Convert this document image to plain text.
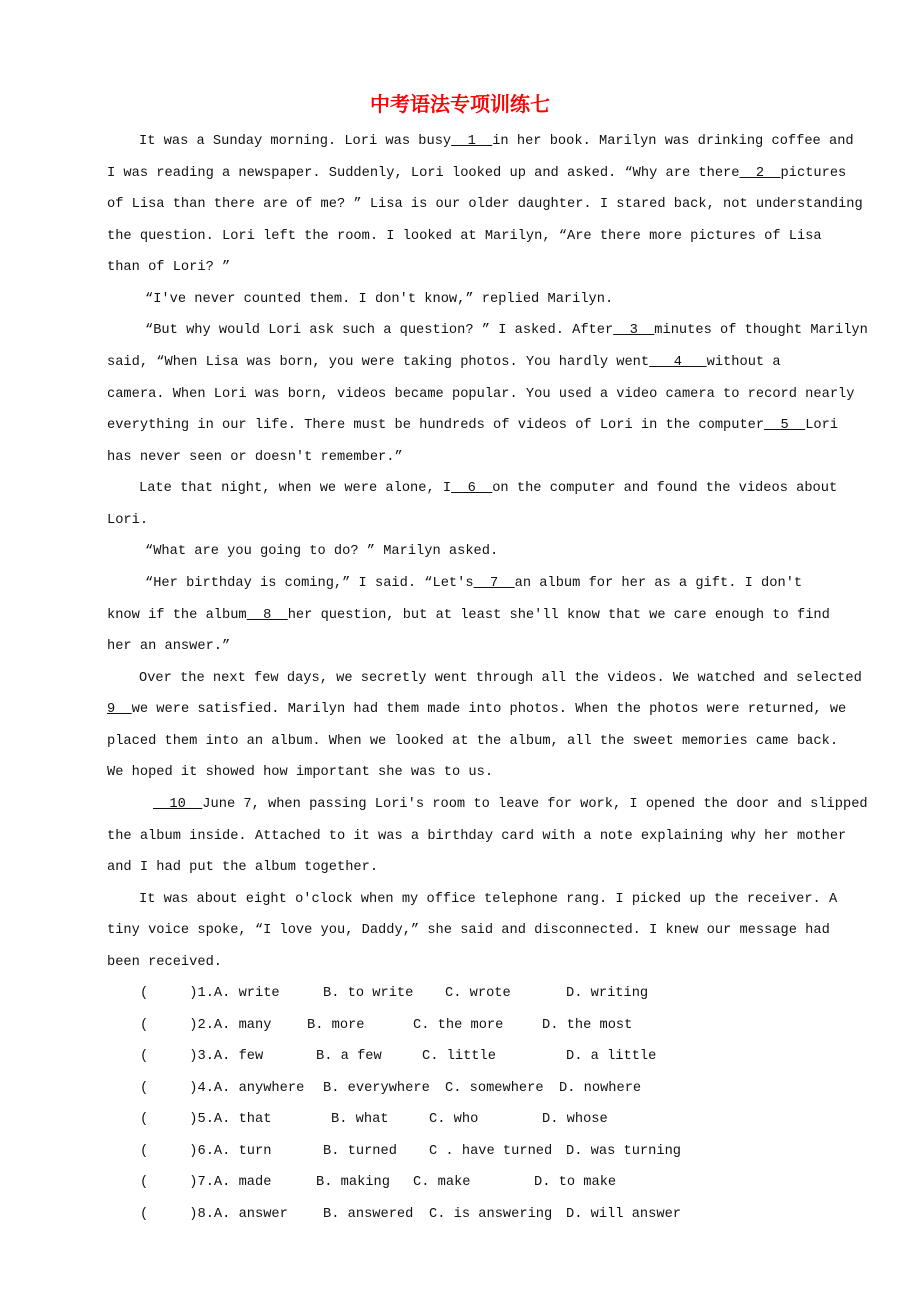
中考语法专项训练七
It was a Sunday morning. Lori was busy  1  in her book. Marilyn was drinking coffee and
I was reading a newspaper. Suddenly, Lori looked up and asked. “Why are there  2  pictures
of Lisa than there are of me? ” Lisa is our older daughter. I stared back, not understanding
the question. Lori left the room. I looked at Marilyn, “Are there more pictures of Lisa
than of Lori? ”
“I've never counted them. I don't know,” replied Marilyn.
“But why would Lori ask such a question? ” I asked. After  3  minutes of thought Marilyn
said, “When Lisa was born, you were taking photos. You hardly went   4   without a
camera. When Lori was born, videos became popular. You used a video camera to record nearly
everything in our life. There must be hundreds of videos of Lori in the computer  5  Lori
has never seen or doesn't remember.”
Late that night, when we were alone, I  6  on the computer and found the videos about
Lori.
“What are you going to do? ” Marilyn asked.
“Her birthday is coming,” I said. “Let's  7  an album for her as a gift. I don't
know if the album  8  her question, but at least she'll know that we care enough to find
her an answer.”
Over the next few days, we secretly went through all the videos. We watched and selected
9  we were satisfied. Marilyn had them made into photos. When the photos were returned, we
placed them into an album. When we looked at the album, all the sweet memories came back.
We hoped it showed how important she was to us.
10  June 7, when passing Lori's room to leave for work, I opened the door and slipped
the album inside. Attached to it was a birthday card with a note explaining why her mother
and I had put the album together.
It was about eight o'clock when my office telephone rang. I picked up the receiver. A
tiny voice spoke, “I love you, Daddy,” she said and disconnected. I knew our message had
been received.
(     )1.A. write	B. to write C. wrote	D. writing
(     )2.A. many	B. more	C. the more	D. the most
(     )3.A. few	B. a few	C. little	D. a little
(     )4.A. anywhere B. everywhere C. somewhere D. nowhere
(     )5.A. that	B. what	C. who	D. whose
(     )6.A. turn	B. turned C . have turned D. was turning
(     )7.A. made	B. making C. make	D. to make
(     )8.A. answer	B. answered C. is answering D. will answer
